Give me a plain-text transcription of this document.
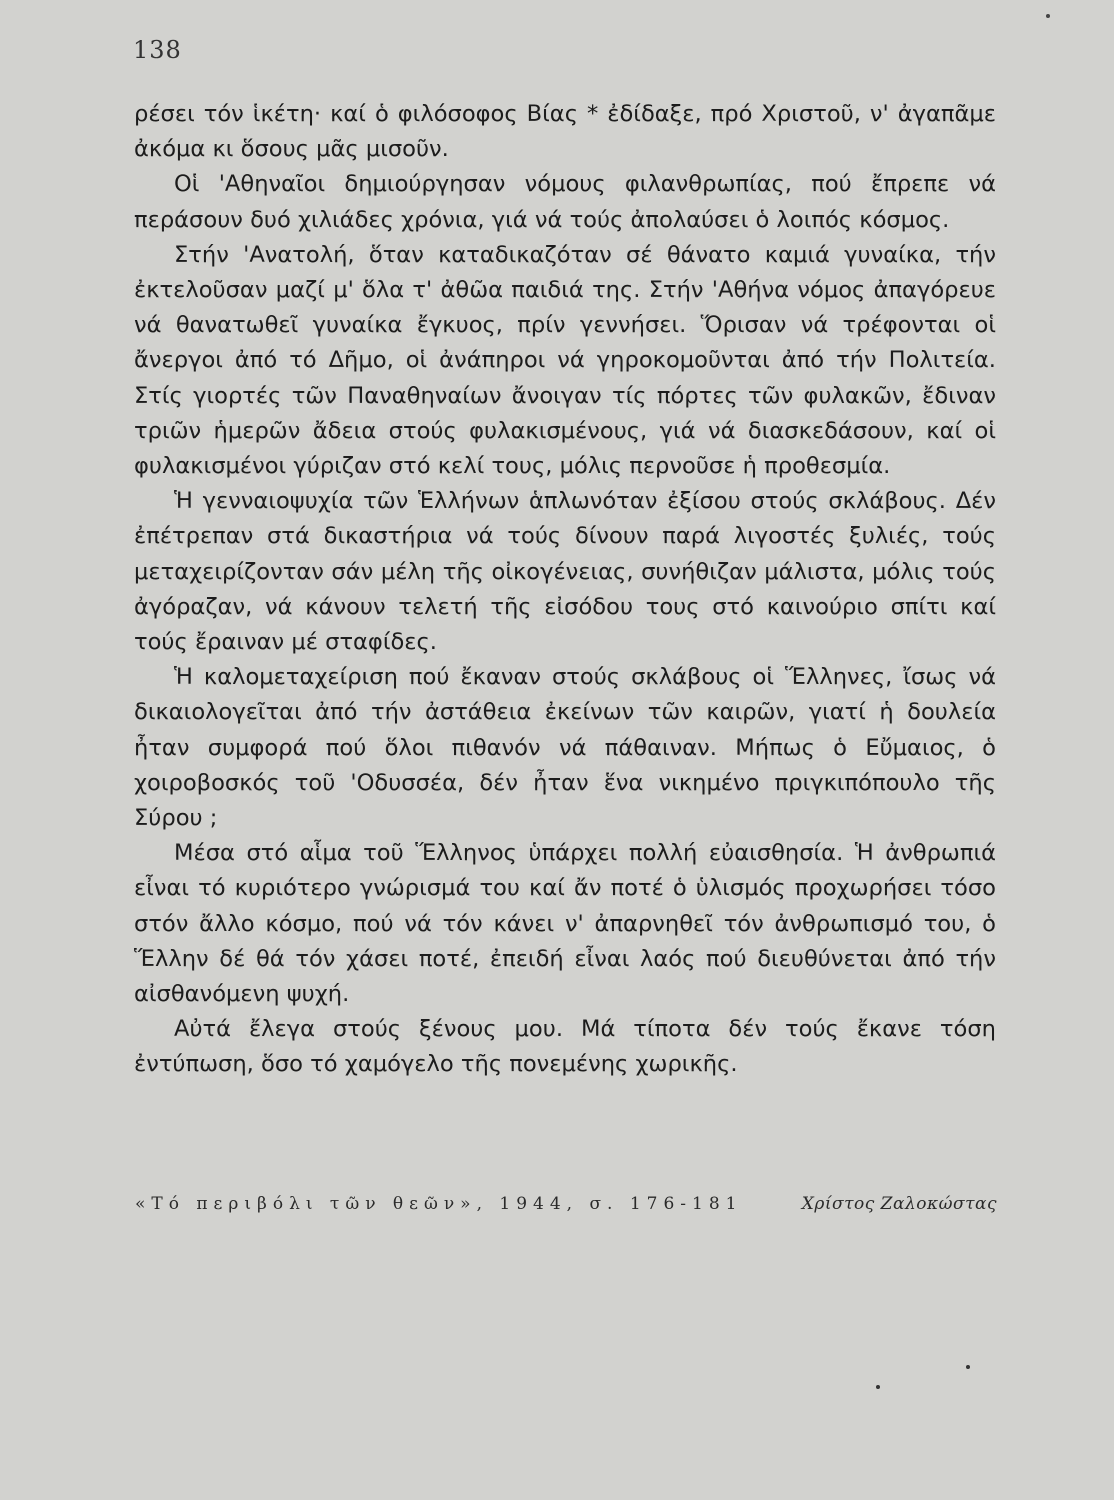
138

ρέσει τόν ἱκέτη· καί ὁ φιλόσοφος Βίας * ἐδίδαξε, πρό Χριστοῦ, ν' ἀγαπᾶμε ἀκόμα κι ὅσους μᾶς μισοῦν.

Οἱ 'Αθηναῖοι δημιούργησαν νόμους φιλανθρωπίας, πού ἔπρεπε νά περάσουν δυό χιλιάδες χρόνια, γιά νά τούς ἀπολαύσει ὁ λοιπός κόσμος.

Στήν 'Ανατολή, ὅταν καταδικαζόταν σέ θάνατο καμιά γυναίκα, τήν ἐκτελοῦσαν μαζί μ' ὅλα τ' ἀθῶα παιδιά της. Στήν 'Αθήνα νόμος ἀπαγόρευε νά θανατωθεῖ γυναίκα ἔγκυος, πρίν γεννήσει. Ὅρισαν νά τρέφονται οἱ ἄνεργοι ἀπό τό Δῆμο, οἱ ἀνάπηροι νά γηροκομοῦνται ἀπό τήν Πολιτεία. Στίς γιορτές τῶν Παναθηναίων ἄνοιγαν τίς πόρτες τῶν φυλακῶν, ἔδιναν τριῶν ἡμερῶν ἄδεια στούς φυλακισμένους, γιά νά διασκεδάσουν, καί οἱ φυλακισμένοι γύριζαν στό κελί τους, μόλις περνοῦσε ἡ προθεσμία.

Ἡ γενναιοψυχία τῶν Ἑλλήνων ἁπλωνόταν ἐξίσου στούς σκλάβους. Δέν ἐπέτρεπαν στά δικαστήρια νά τούς δίνουν παρά λιγοστές ξυλιές, τούς μεταχειρίζονταν σάν μέλη τῆς οἰκογένειας, συνήθιζαν μάλιστα, μόλις τούς ἀγόραζαν, νά κάνουν τελετή τῆς εἰσόδου τους στό καινούριο σπίτι καί τούς ἔραιναν μέ σταφίδες.

Ἡ καλομεταχείριση πού ἔκαναν στούς σκλάβους οἱ Ἕλληνες, ἴσως νά δικαιολογεῖται ἀπό τήν ἀστάθεια ἐκείνων τῶν καιρῶν, γιατί ἡ δουλεία ἦταν συμφορά πού ὅλοι πιθανόν νά πάθαιναν. Μήπως ὁ Εὔμαιος, ὁ χοιροβοσκός τοῦ 'Οδυσσέα, δέν ἦταν ἕνα νικημένο πριγκιπόπουλο τῆς Σύρου ;

Μέσα στό αἷμα τοῦ Ἕλληνος ὑπάρχει πολλή εὐαισθησία. Ἡ ἀνθρωπιά εἶναι τό κυριότερο γνώρισμά του καί ἄν ποτέ ὁ ὑλισμός προχωρήσει τόσο στόν ἄλλο κόσμο, πού νά τόν κάνει ν' ἀπαρνηθεῖ τόν ἀνθρωπισμό του, ὁ Ἕλλην δέ θά τόν χάσει ποτέ, ἐπειδή εἶναι λαός πού διευθύνεται ἀπό τήν αἰσθανόμενη ψυχή.

Αὐτά ἔλεγα στούς ξένους μου. Μά τίποτα δέν τούς ἔκανε τόση ἐντύπωση, ὅσο τό χαμόγελο τῆς πονεμένης χωρικῆς.

«Τό περιβόλι τῶν θεῶν», 1944, σ. 176-181	Χρίστος Ζαλοκώστας
